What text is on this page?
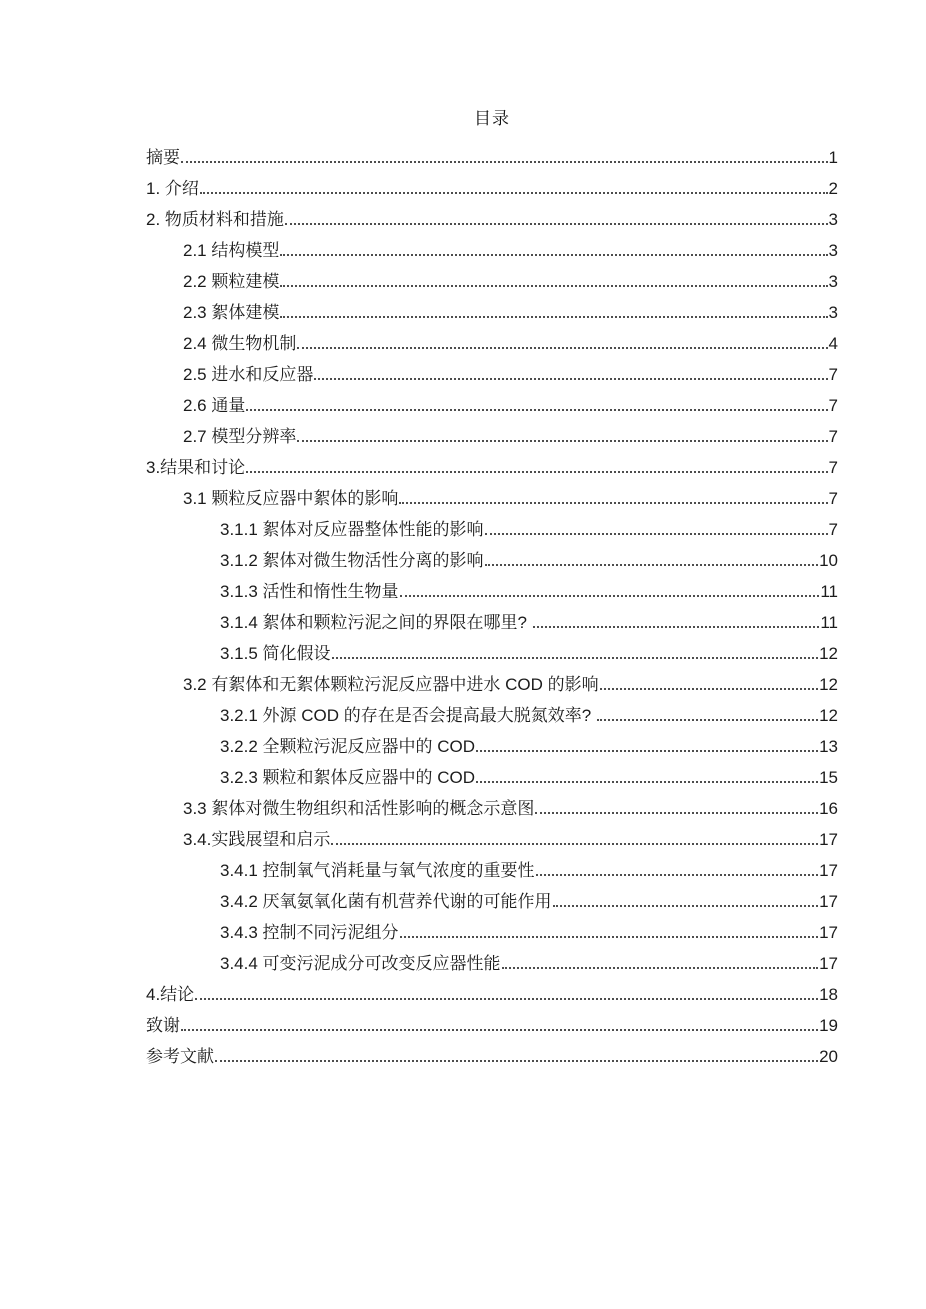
目录
摘要	1
1. 介绍	2
2. 物质材料和措施	3
2.1 结构模型	3
2.2 颗粒建模	3
2.3 絮体建模	3
2.4 微生物机制	4
2.5 进水和反应器	7
2.6 通量	7
2.7 模型分辨率	7
3.结果和讨论	7
3.1 颗粒反应器中絮体的影响	7
3.1.1 絮体对反应器整体性能的影响	7
3.1.2 絮体对微生物活性分离的影响	10
3.1.3 活性和惰性生物量	11
3.1.4 絮体和颗粒污泥之间的界限在哪里?	11
3.1.5 简化假设	12
3.2 有絮体和无絮体颗粒污泥反应器中进水 COD 的影响	12
3.2.1 外源 COD 的存在是否会提高最大脱氮效率?	12
3.2.2 全颗粒污泥反应器中的 COD	13
3.2.3 颗粒和絮体反应器中的 COD	15
3.3 絮体对微生物组织和活性影响的概念示意图	16
3.4.实践展望和启示	17
3.4.1 控制氧气消耗量与氧气浓度的重要性	17
3.4.2 厌氧氨氧化菌有机营养代谢的可能作用	17
3.4.3 控制不同污泥组分	17
3.4.4 可变污泥成分可改变反应器性能	17
4.结论	18
致谢	19
参考文献	20
